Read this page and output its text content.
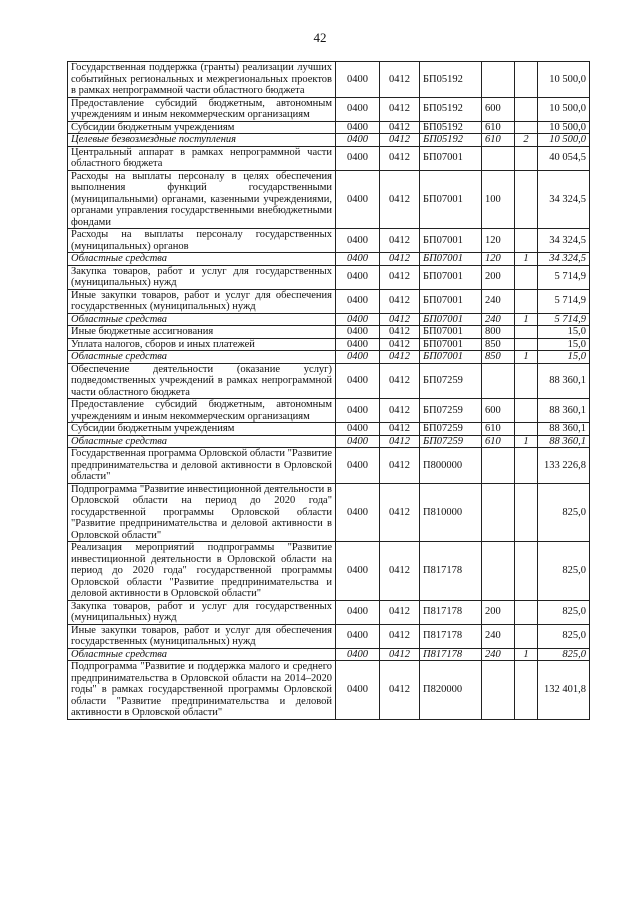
42
Государственная поддержка (гранты) реализации лучших событийных региональных и межрегиональных проектов в рамках непрограммной части областного бюджета	0400	0412	БП05192			10 500,0
Предоставление субсидий бюджетным, автономным учреждениям и иным некоммерческим организациям	0400	0412	БП05192	600		10 500,0
Субсидии бюджетным учреждениям	0400	0412	БП05192	610		10 500,0
Целевые безвозмездные поступления	0400	0412	БП05192	610	2	10 500,0
Центральный аппарат в рамках непрограммной части областного бюджета	0400	0412	БП07001			40 054,5
Расходы на выплаты персоналу в целях обеспечения выполнения функций государственными (муниципальными) органами, казенными учреждениями, органами управления государственными внебюджетными фондами	0400	0412	БП07001	100		34 324,5
Расходы на выплаты персоналу государственных (муниципальных) органов	0400	0412	БП07001	120		34 324,5
Областные средства	0400	0412	БП07001	120	1	34 324,5
Закупка товаров, работ и услуг для государственных (муниципальных) нужд	0400	0412	БП07001	200		5 714,9
Иные закупки товаров, работ и услуг для обеспечения государственных (муниципальных) нужд	0400	0412	БП07001	240		5 714,9
Областные средства	0400	0412	БП07001	240	1	5 714,9
Иные бюджетные ассигнования	0400	0412	БП07001	800		15,0
Уплата налогов, сборов и иных платежей	0400	0412	БП07001	850		15,0
Областные средства	0400	0412	БП07001	850	1	15,0
Обеспечение деятельности (оказание услуг) подведомственных учреждений в рамках непрограммной части областного бюджета	0400	0412	БП07259			88 360,1
Предоставление субсидий бюджетным, автономным учреждениям и иным некоммерческим организациям	0400	0412	БП07259	600		88 360,1
Субсидии бюджетным учреждениям	0400	0412	БП07259	610		88 360,1
Областные средства	0400	0412	БП07259	610	1	88 360,1
Государственная программа Орловской области "Развитие предпринимательства и деловой активности в Орловской области"	0400	0412	П800000			133 226,8
Подпрограмма "Развитие инвестиционной деятельности в Орловской области на период до 2020 года" государственной программы Орловской области "Развитие предпринимательства и деловой активности в Орловской области"	0400	0412	П810000			825,0
Реализация мероприятий подпрограммы "Развитие инвестиционной деятельности в Орловской области на период до 2020 года" государственной программы Орловской области "Развитие предпринимательства и деловой активности в Орловской области"	0400	0412	П817178			825,0
Закупка товаров, работ и услуг для государственных (муниципальных) нужд	0400	0412	П817178	200		825,0
Иные закупки товаров, работ и услуг для обеспечения государственных (муниципальных) нужд	0400	0412	П817178	240		825,0
Областные средства	0400	0412	П817178	240	1	825,0
Подпрограмма "Развитие и поддержка малого и среднего предпринимательства в Орловской области на 2014–2020 годы" в рамках государственной программы Орловской области "Развитие предпринимательства и деловой активности в Орловской области"	0400	0412	П820000			132 401,8
